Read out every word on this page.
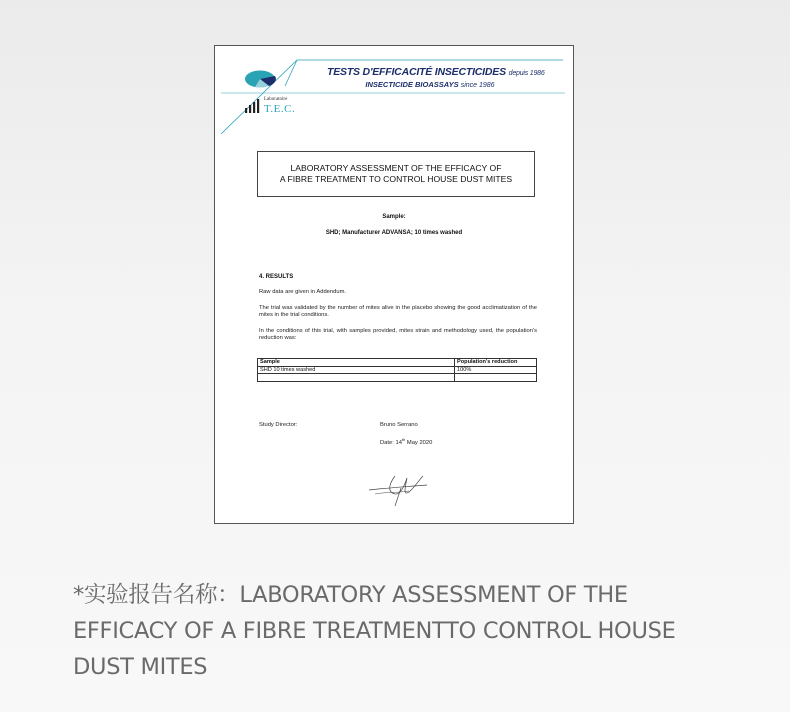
TESTS D'EFFICACITÉ INSECTICIDES depuis 1986
INSECTICIDE BIOASSAYS since 1986
Laboratoire
T.E.C.
LABORATORY ASSESSMENT OF THE EFFICACY OF
A FIBRE TREATMENT TO CONTROL HOUSE DUST MITES
Sample:
SHD; Manufacturer ADVANSA; 10 times washed
4. RESULTS
Raw data are given in Addendum.
The trial was validated by the number of mites alive in the placebo showing the good acclimatization of the mites in the trial conditions.
In the conditions of this trial, with samples provided, mites strain and methodology used, the population's reduction was:
Sample	Population's reduction
SHD 10 times washed	100%

Study Director:	Bruno Serrano
Date: 14th May 2020
*实验报告名称：LABORATORY ASSESSMENT OF THE EFFICACY OF A FIBRE TREATMENTTO CONTROL HOUSE DUST MITES
